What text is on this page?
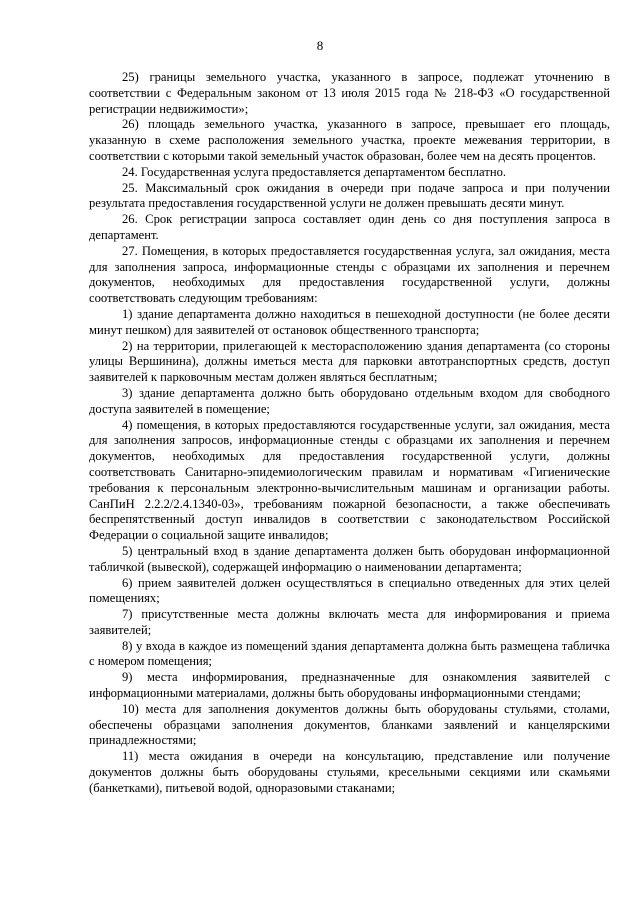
8

25) границы земельного участка, указанного в запросе, подлежат уточнению в соответствии с Федеральным законом от 13 июля 2015 года № 218-ФЗ «О государственной регистрации недвижимости»;

26) площадь земельного участка, указанного в запросе, превышает его площадь, указанную в схеме расположения земельного участка, проекте межевания территории, в соответствии с которыми такой земельный участок образован, более чем на десять процентов.

24. Государственная услуга предоставляется департаментом бесплатно.

25. Максимальный срок ожидания в очереди при подаче запроса и при получении результата предоставления государственной услуги не должен превышать десяти минут.

26. Срок регистрации запроса составляет один день со дня поступления запроса в департамент.

27. Помещения, в которых предоставляется государственная услуга, зал ожидания, места для заполнения запроса, информационные стенды с образцами их заполнения и перечнем документов, необходимых для предоставления государственной услуги, должны соответствовать следующим требованиям:

1) здание департамента должно находиться в пешеходной доступности (не более десяти минут пешком) для заявителей от остановок общественного транспорта;

2) на территории, прилегающей к месторасположению здания департамента (со стороны улицы Вершинина), должны иметься места для парковки автотранспортных средств, доступ заявителей к парковочным местам должен являться бесплатным;

3) здание департамента должно быть оборудовано отдельным входом для свободного доступа заявителей в помещение;

4) помещения, в которых предоставляются государственные услуги, зал ожидания, места для заполнения запросов, информационные стенды с образцами их заполнения и перечнем документов, необходимых для предоставления государственной услуги, должны соответствовать Санитарно-эпидемиологическим правилам и нормативам «Гигиенические требования к персональным электронно-вычислительным машинам и организации работы. СанПиН 2.2.2/2.4.1340-03», требованиям пожарной безопасности, а также обеспечивать беспрепятственный доступ инвалидов в соответствии с законодательством Российской Федерации о социальной защите инвалидов;

5) центральный вход в здание департамента должен быть оборудован информационной табличкой (вывеской), содержащей информацию о наименовании департамента;

6) прием заявителей должен осуществляться в специально отведенных для этих целей помещениях;

7) присутственные места должны включать места для информирования и приема заявителей;

8) у входа в каждое из помещений здания департамента должна быть размещена табличка с номером помещения;

9) места информирования, предназначенные для ознакомления заявителей с информационными материалами, должны быть оборудованы информационными стендами;

10) места для заполнения документов должны быть оборудованы стульями, столами, обеспечены образцами заполнения документов, бланками заявлений и канцелярскими принадлежностями;

11) места ожидания в очереди на консультацию, представление или получение документов должны быть оборудованы стульями, кресельными секциями или скамьями (банкетками), питьевой водой, одноразовыми стаканами;
